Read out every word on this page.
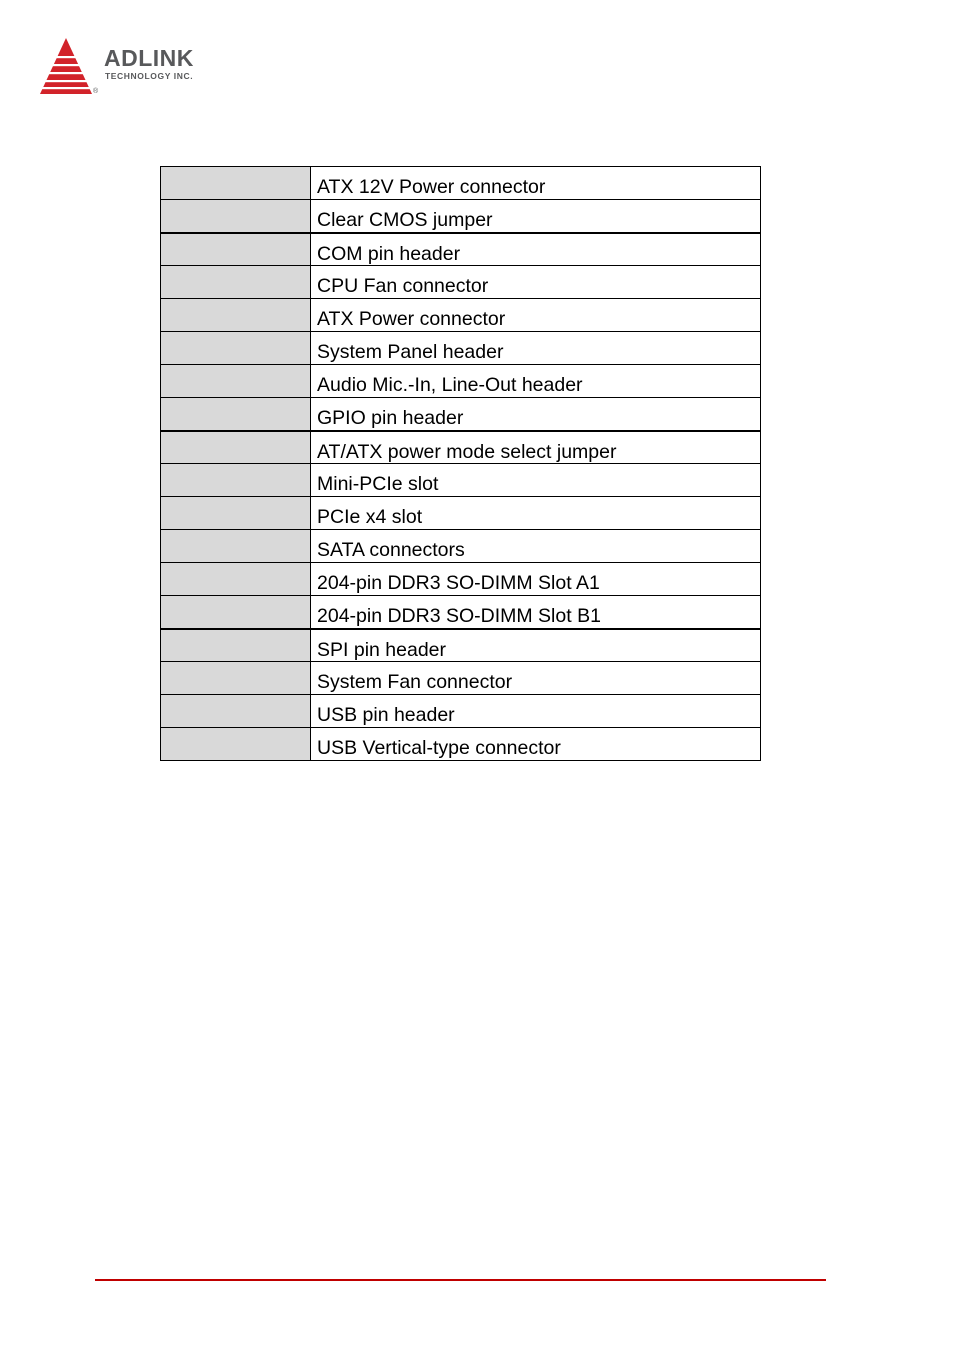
ADLINK
TECHNOLOGY INC.
®
	ATX 12V Power connector
	Clear CMOS jumper
	COM pin header
	CPU Fan connector
	ATX Power connector
	System Panel header
	Audio Mic.-In, Line-Out header
	GPIO pin header
	AT/ATX power mode select jumper
	Mini-PCIe slot
	PCIe x4 slot
	SATA connectors
	204-pin DDR3 SO-DIMM Slot A1
	204-pin DDR3 SO-DIMM Slot B1
	SPI pin header
	System Fan connector
	USB pin header
	USB Vertical-type connector
